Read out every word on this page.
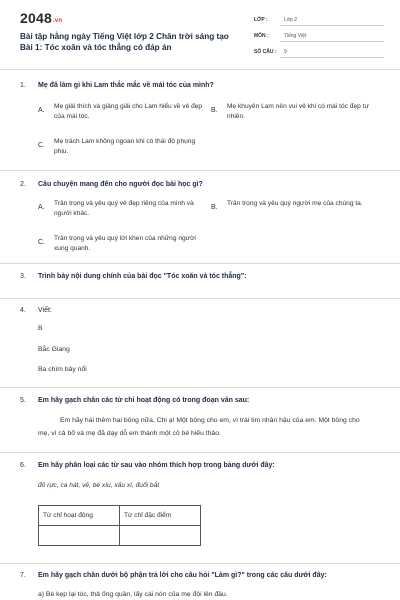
2048.vn
Bài tập hằng ngày Tiếng Việt lớp 2 Chân trời sáng tạo Bài 1: Tóc xoăn và tóc thẳng có đáp án
LỚP :	Lớp 2
MÔN :	Tiếng Việt
SỐ CÂU : 9
1. Mẹ đã làm gì khi Lam thắc mắc về mái tóc của mình?
A.
Mẹ giải thích và giảng giải cho Lam hiểu về vẻ đẹp của mái tóc.
B.
Mẹ khuyên Lam nên vui vẻ khi có mái tóc đẹp tự nhiên.
C.
Mẹ trách Lam không ngoan khi có thái độ phụng phịu.
2. Câu chuyện mang đến cho người đọc bài học gì?
A.
Trân trọng và yêu quý vẻ đẹp riêng của mình và người khác.
B.
Trân trọng và yêu quý người mẹ của chúng ta.
C.
Trân trọng và yêu quý lời khen của những người xung quanh.
3. Trình bày nội dung chính của bài đọc "Tóc xoăn và tóc thẳng":
4. Viết:
B
Bắc Giang
Ba chìm bảy nổi
5. Em hãy gạch chân các từ chỉ hoạt động có trong đoạn văn sau:
Em hãy hái thêm hai bông nữa, Chi ạ! Một bông cho em, vì trái tim nhân hậu của em. Một bông cho mẹ, vì cả bố và mẹ đã dạy dỗ em thành một cô bé hiếu thảo.
6. Em hãy phân loại các từ sau vào nhóm thích hợp trong bảng dưới đây:
đỏ rực, ca hát, vẽ, bé xíu, xấu xí, đuổi bắt
Từ chỉ hoạt động	Từ chỉ đặc điểm

7. Em hãy gạch chân dưới bộ phận trả lời cho câu hỏi "Làm gì?" trong các câu dưới đây:
a) Bé kẹp lại tóc, thả ống quần, lấy cái nón của mẹ đội lên đầu.
